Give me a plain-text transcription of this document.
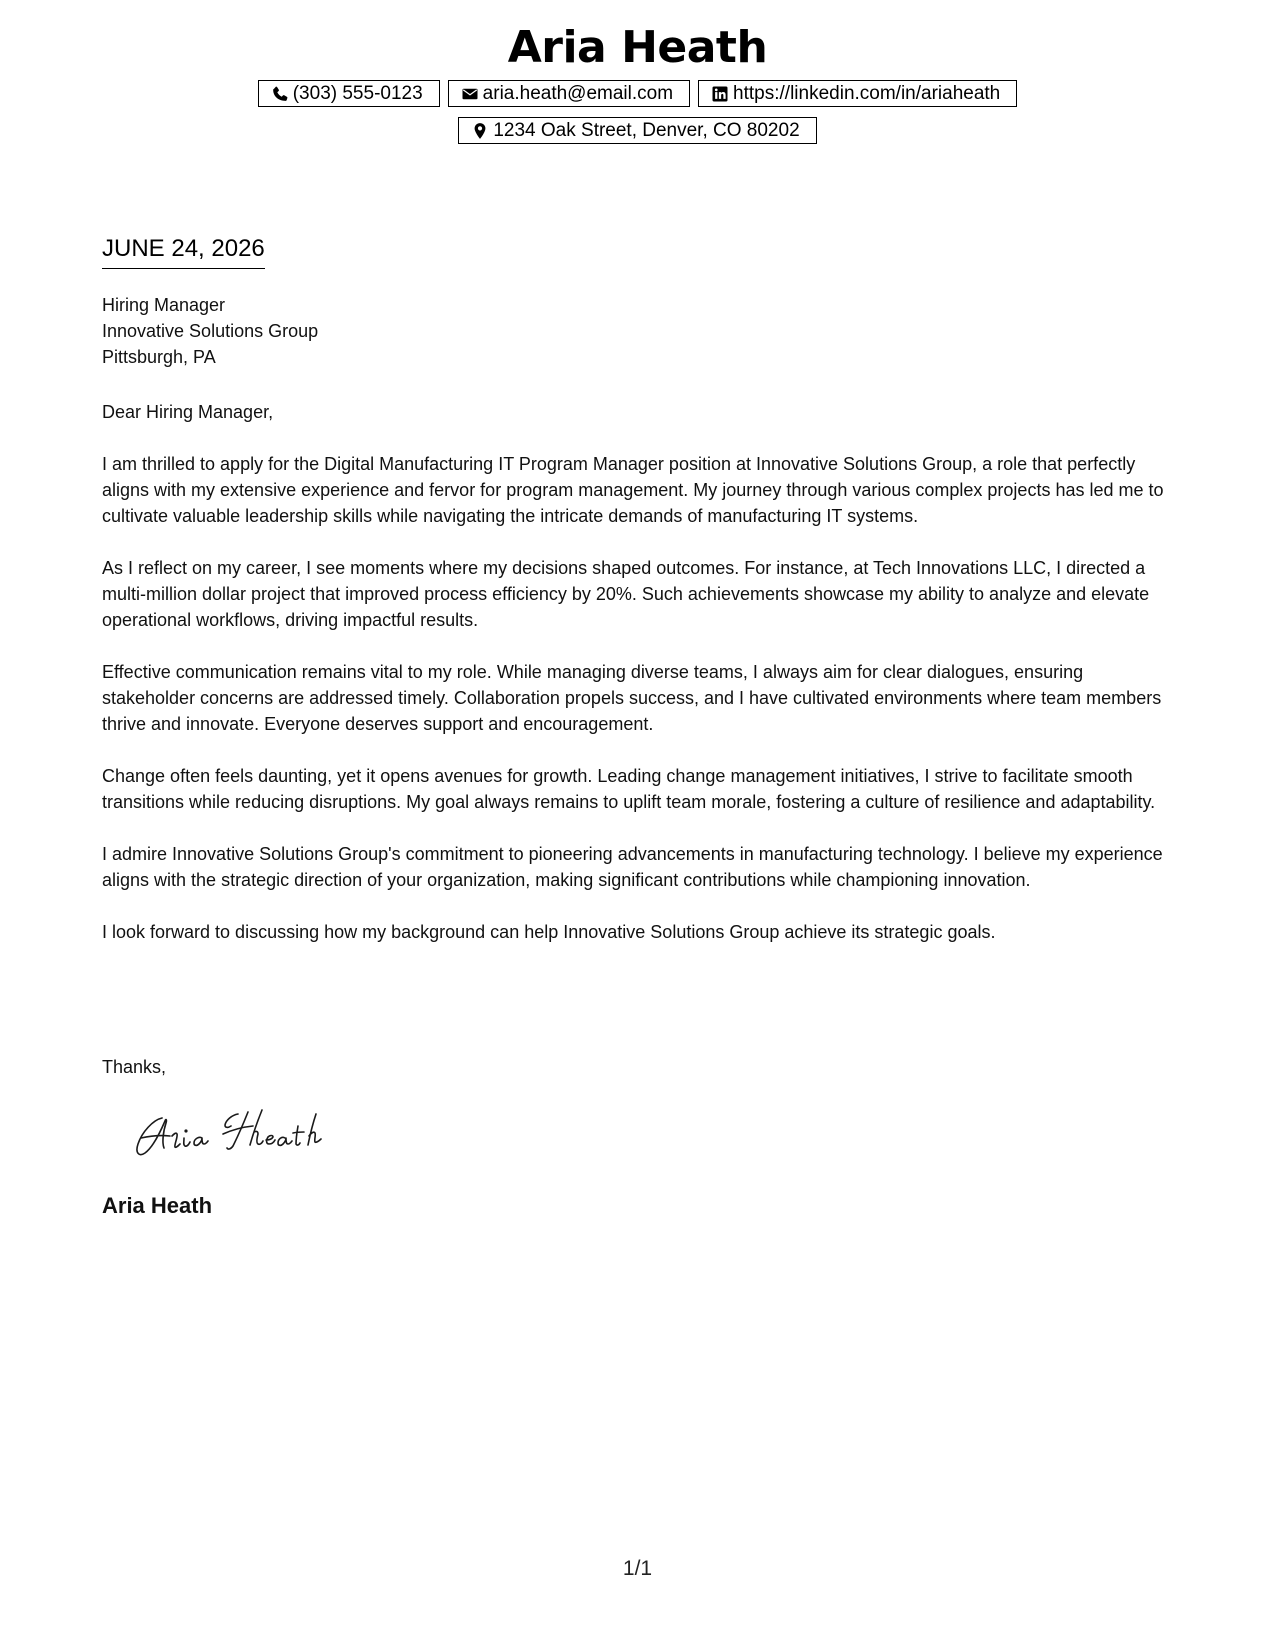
Aria Heath
(303) 555-0123	aria.heath@email.com	https://linkedin.com/in/ariaheath
1234 Oak Street, Denver, CO 80202
JUNE 24, 2026
Hiring Manager
Innovative Solutions Group
Pittsburgh, PA

Dear Hiring Manager,

I am thrilled to apply for the Digital Manufacturing IT Program Manager position at Innovative Solutions Group, a role that perfectly aligns with my extensive experience and fervor for program management. My journey through various complex projects has led me to cultivate valuable leadership skills while navigating the intricate demands of manufacturing IT systems.

As I reflect on my career, I see moments where my decisions shaped outcomes. For instance, at Tech Innovations LLC, I directed a multi-million dollar project that improved process efficiency by 20%. Such achievements showcase my ability to analyze and elevate operational workflows, driving impactful results.

Effective communication remains vital to my role. While managing diverse teams, I always aim for clear dialogues, ensuring stakeholder concerns are addressed timely. Collaboration propels success, and I have cultivated environments where team members thrive and innovate. Everyone deserves support and encouragement.

Change often feels daunting, yet it opens avenues for growth. Leading change management initiatives, I strive to facilitate smooth transitions while reducing disruptions. My goal always remains to uplift team morale, fostering a culture of resilience and adaptability.

I admire Innovative Solutions Group's commitment to pioneering advancements in manufacturing technology. I believe my experience aligns with the strategic direction of your organization, making significant contributions while championing innovation.

I look forward to discussing how my background can help Innovative Solutions Group achieve its strategic goals.

Thanks,
Aria Heath
1/1
